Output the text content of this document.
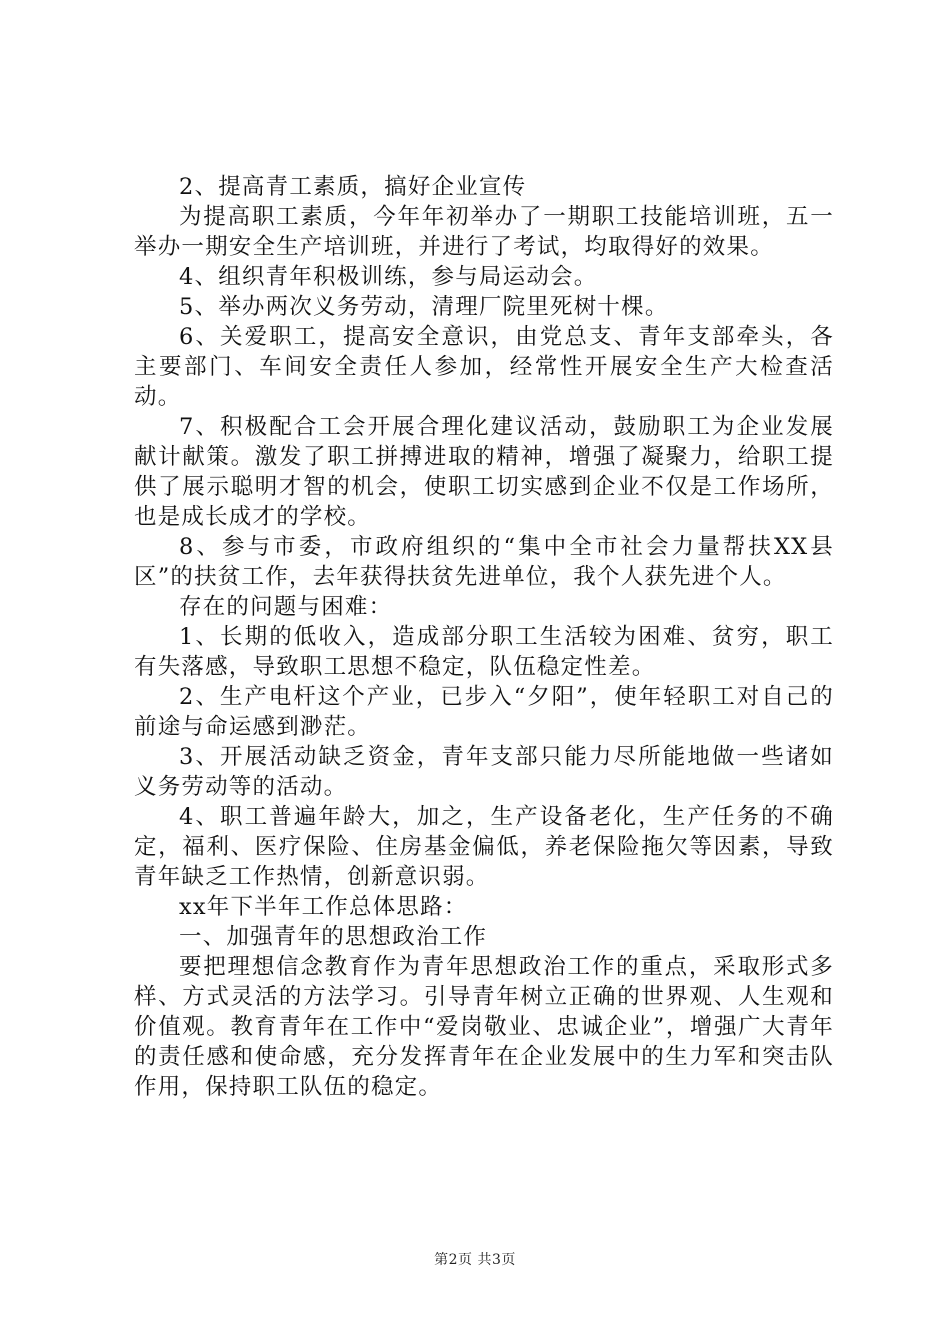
2、提高青工素质，搞好企业宣传

为提高职工素质，今年年初举办了一期职工技能培训班，五一举办一期安全生产培训班，并进行了考试，均取得好的效果。

4、组织青年积极训练，参与局运动会。

5、举办两次义务劳动，清理厂院里死树十棵。

6、关爱职工，提高安全意识，由党总支、青年支部牵头，各主要部门、车间安全责任人参加，经常性开展安全生产大检查活动。

7、积极配合工会开展合理化建议活动，鼓励职工为企业发展献计献策。激发了职工拼搏进取的精神，增强了凝聚力，给职工提供了展示聪明才智的机会，使职工切实感到企业不仅是工作场所，也是成长成才的学校。

8、参与市委，市政府组织的“集中全市社会力量帮扶XX县区”的扶贫工作，去年获得扶贫先进单位，我个人获先进个人。

存在的问题与困难：

1、长期的低收入，造成部分职工生活较为困难、贫穷，职工有失落感，导致职工思想不稳定，队伍稳定性差。

2、生产电杆这个产业，已步入“夕阳”，使年轻职工对自己的前途与命运感到渺茫。

3、开展活动缺乏资金，青年支部只能力尽所能地做一些诸如义务劳动等的活动。

4、职工普遍年龄大，加之，生产设备老化，生产任务的不确定，福利、医疗保险、住房基金偏低，养老保险拖欠等因素，导致青年缺乏工作热情，创新意识弱。

xx年下半年工作总体思路：

一、加强青年的思想政治工作

要把理想信念教育作为青年思想政治工作的重点，采取形式多样、方式灵活的方法学习。引导青年树立正确的世界观、人生观和价值观。教育青年在工作中“爱岗敬业、忠诚企业”，增强广大青年的责任感和使命感，充分发挥青年在企业发展中的生力军和突击队作用，保持职工队伍的稳定。

第2页 共3页
